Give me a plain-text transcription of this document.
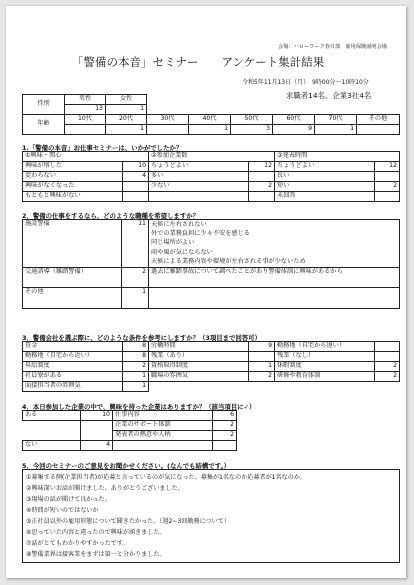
会場：ハローワーク春日部　雇用保険説明会場
「警備の本音」セミナー　　アンケート集計結果
令和5年11月13日（月）　9時00分～10時10分
求職者14名、企業3社4名
性別	男性	女性						
	13	1						
年齢	10代	20代	30代	40代	50代	60代	70代	その他
		1		1	3	9	1	
1.「警備の本音」お仕事セミナーは、いかがでしたか？
①興味・関心		②参加企業数		③発表時間	
興味が増した	10	ちょうどよい	12	ちょうどよい	12
変わらない	4	多い		長い	
興味がなくなった		少ない	2	短い	2
もともと興味がない				未回答	
2．警備の仕事をするなら、どのような職種を希望しますか？
施設警備	11	天候に左右されない
外での業務負担に少々不安を感じる
同じ場所がよい
雨や風が気にならない
天候による業務内容や環境が左右される事が少ないため

交通誘導（雑踏警備）	2	過去に雑踏事故について調べたことがあり警備体制に興味があるから
その他	1	
3．警備会社を選ぶ際に、どのような条件を参考にしますか？（3項目まで回答可）
賃金	8	労働時間	9	勤務地（自宅から遠い）	
勤務地（自宅から近い）	8	残業（あり）		残業（なし）	
昇給制度	2	資格取得制度	1	休暇制度	2
社員寮がある	1	職場の雰囲気	2	研修や教育体制	2
面接担当者の雰囲気	1				
4．本日参加した企業の中で、興味を持った企業はありますか？（該当項目に✓）
ある	10	仕事内容	6
		企業のサポート体制	2
		発表者の熱意や人柄	2
ない	4		
5．今回のセミナーのご意見をお聞かせください。(なんでも結構です。）
①募集する側(企業担当者)が応募と言っているのが気になった。募集が1名なのか応募者が1名なのか。
②興味深いお話が聞けました。ありがとうございました。
③現場の話が聞けて良かった。
④時間が短いのではないか
⑤正社員以外の雇用形態について聞きたかった。（週2~3回勤務について）
⑥思っていた内容と違ったので興味が湧きました。
⑦話がとてもわかりやすかったです。
⑧警備業界は接客業をまずは第一と分かりました。
